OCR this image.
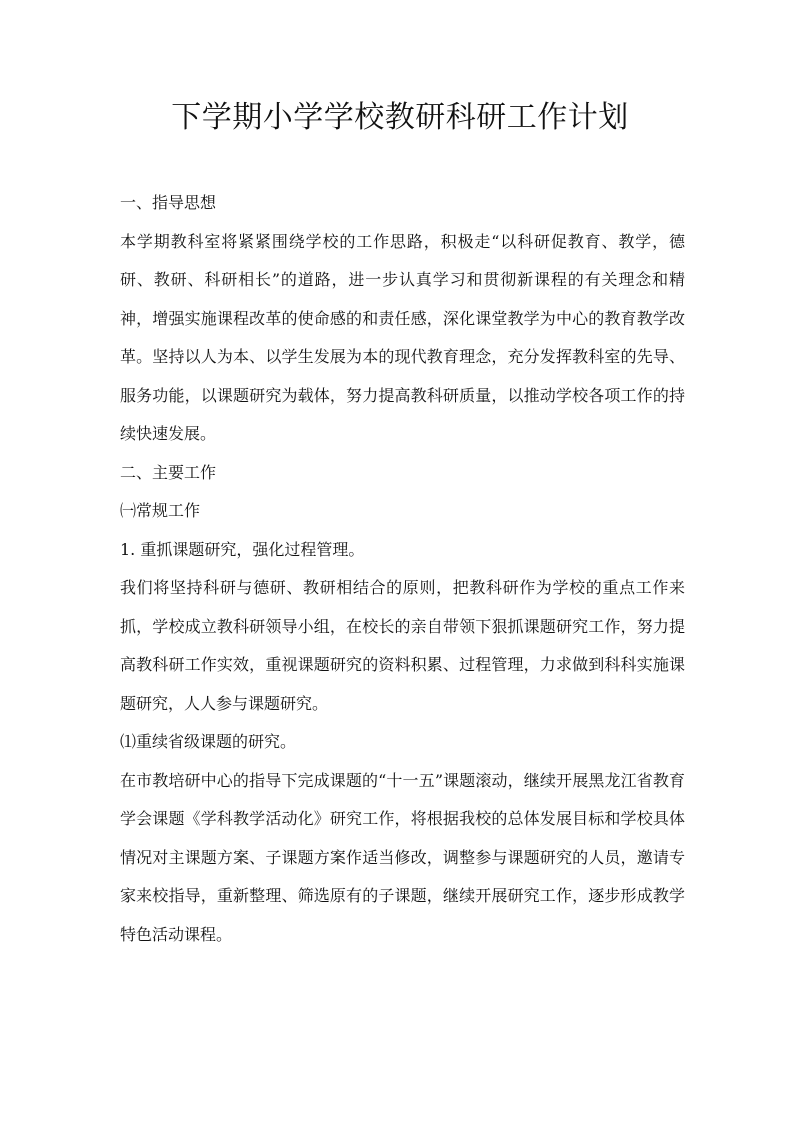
下学期小学学校教研科研工作计划

一、指导思想

本学期教科室将紧紧围绕学校的工作思路，积极走“以科研促教育、教学，德研、教研、科研相长”的道路，进一步认真学习和贯彻新课程的有关理念和精神，增强实施课程改革的使命感的和责任感，深化课堂教学为中心的教育教学改革。坚持以人为本、以学生发展为本的现代教育理念，充分发挥教科室的先导、服务功能，以课题研究为载体，努力提高教科研质量，以推动学校各项工作的持续快速发展。

二、主要工作

㈠常规工作

1. 重抓课题研究，强化过程管理。

我们将坚持科研与德研、教研相结合的原则，把教科研作为学校的重点工作来抓，学校成立教科研领导小组，在校长的亲自带领下狠抓课题研究工作，努力提高教科研工作实效，重视课题研究的资料积累、过程管理，力求做到科科实施课题研究，人人参与课题研究。

⑴重续省级课题的研究。

在市教培研中心的指导下完成课题的“十一五”课题滚动，继续开展黑龙江省教育学会课题《学科教学活动化》研究工作，将根据我校的总体发展目标和学校具体情况对主课题方案、子课题方案作适当修改，调整参与课题研究的人员，邀请专家来校指导，重新整理、筛选原有的子课题，继续开展研究工作，逐步形成教学特色活动课程。
